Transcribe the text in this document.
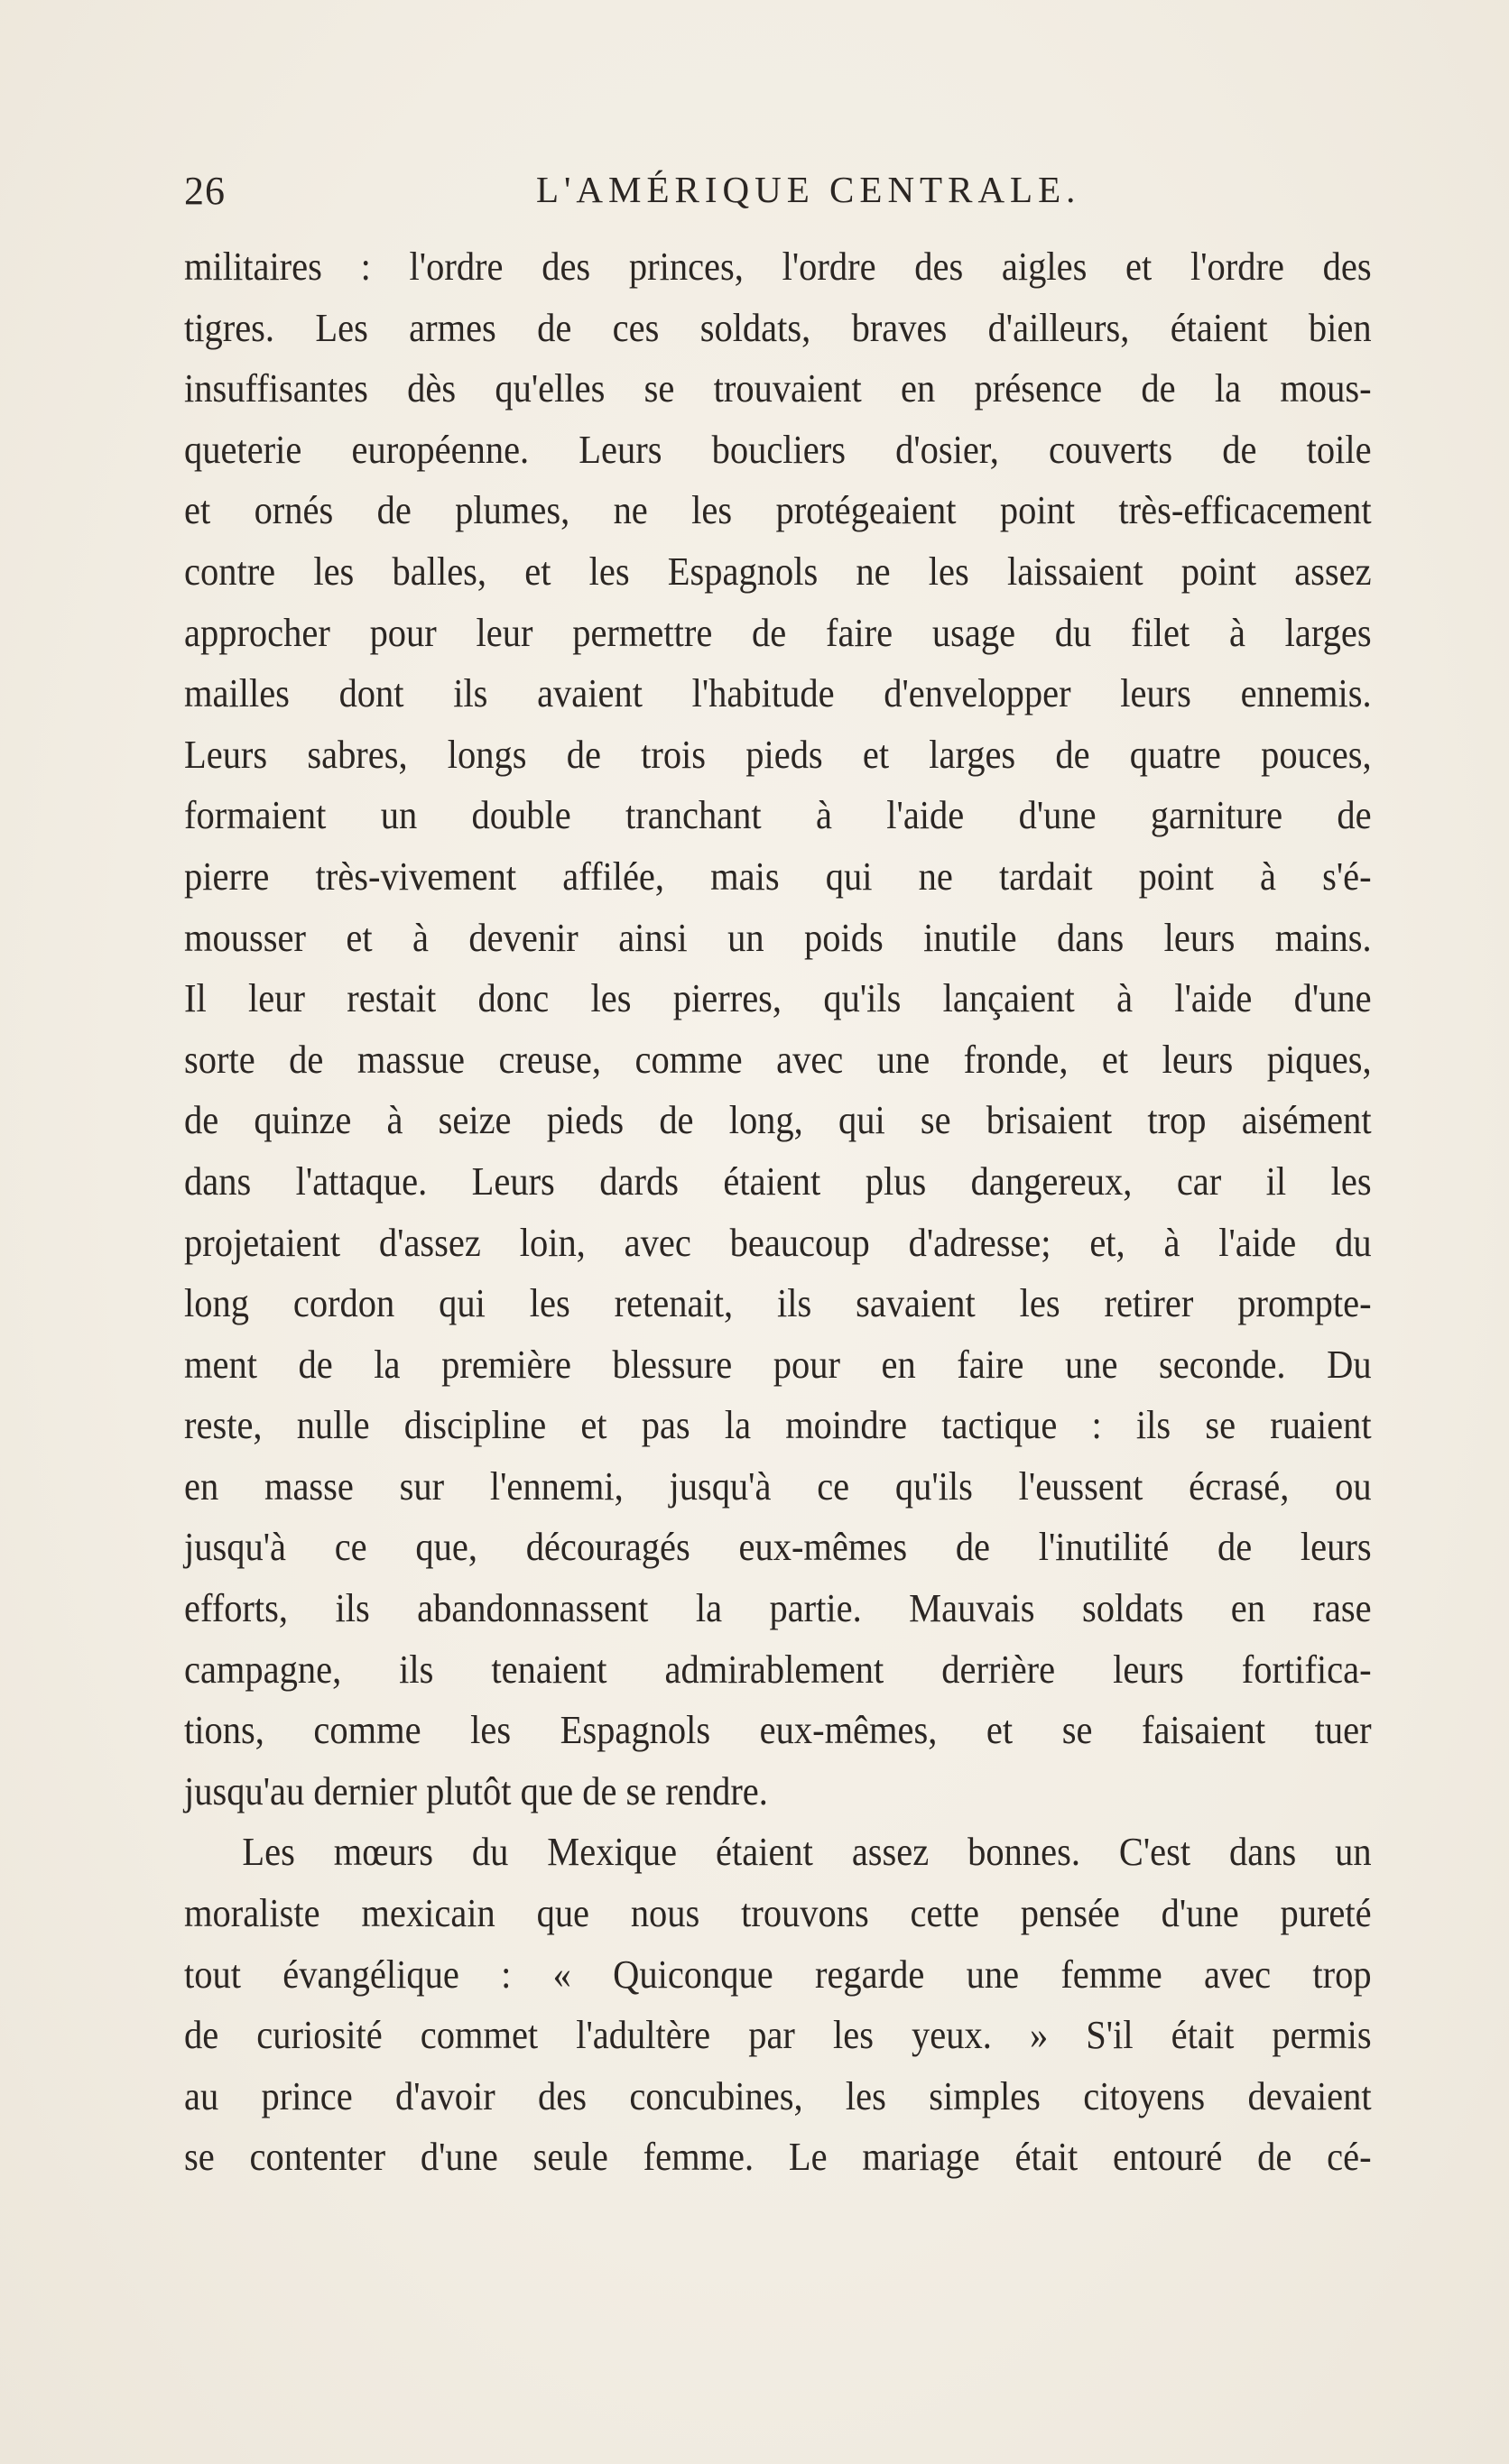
26	L'AMÉRIQUE CENTRALE.
militaires : l'ordre des princes, l'ordre des aigles et l'ordre des
tigres. Les armes de ces soldats, braves d'ailleurs, étaient bien
insuffisantes dès qu'elles se trouvaient en présence de la mous-
queterie européenne. Leurs boucliers d'osier, couverts de toile
et ornés de plumes, ne les protégeaient point très-efficacement
contre les balles, et les Espagnols ne les laissaient point assez
approcher pour leur permettre de faire usage du filet à larges
mailles dont ils avaient l'habitude d'envelopper leurs ennemis.
Leurs sabres, longs de trois pieds et larges de quatre pouces,
formaient un double tranchant à l'aide d'une garniture de
pierre très-vivement affilée, mais qui ne tardait point à s'é-
mousser et à devenir ainsi un poids inutile dans leurs mains.
Il leur restait donc les pierres, qu'ils lançaient à l'aide d'une
sorte de massue creuse, comme avec une fronde, et leurs piques,
de quinze à seize pieds de long, qui se brisaient trop aisément
dans l'attaque. Leurs dards étaient plus dangereux, car il les
projetaient d'assez loin, avec beaucoup d'adresse; et, à l'aide du
long cordon qui les retenait, ils savaient les retirer prompte-
ment de la première blessure pour en faire une seconde. Du
reste, nulle discipline et pas la moindre tactique : ils se ruaient
en masse sur l'ennemi, jusqu'à ce qu'ils l'eussent écrasé, ou
jusqu'à ce que, découragés eux-mêmes de l'inutilité de leurs
efforts, ils abandonnassent la partie. Mauvais soldats en rase
campagne, ils tenaient admirablement derrière leurs fortifica-
tions, comme les Espagnols eux-mêmes, et se faisaient tuer
jusqu'au dernier plutôt que de se rendre.
Les mœurs du Mexique étaient assez bonnes. C'est dans un
moraliste mexicain que nous trouvons cette pensée d'une pureté
tout évangélique : « Quiconque regarde une femme avec trop
de curiosité commet l'adultère par les yeux. » S'il était permis
au prince d'avoir des concubines, les simples citoyens devaient
se contenter d'une seule femme. Le mariage était entouré de cé-
